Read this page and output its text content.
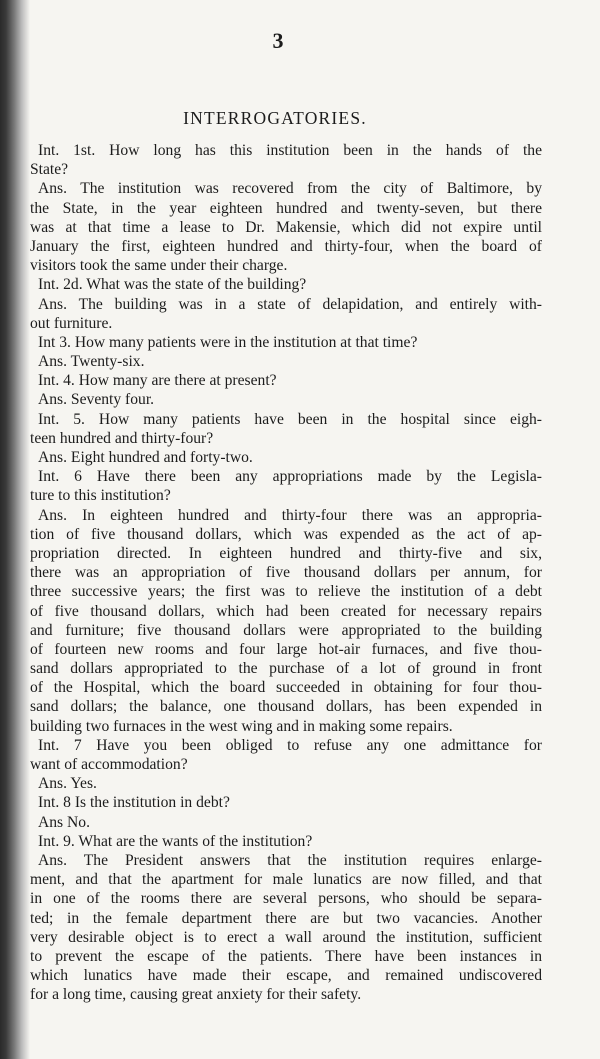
3
INTERROGATORIES.
Int. 1st. How long has this institution been in the hands of the
State?
Ans. The institution was recovered from the city of Baltimore, by
the State, in the year eighteen hundred and twenty-seven, but there
was at that time a lease to Dr. Makensie, which did not expire until
January the first, eighteen hundred and thirty-four, when the board of
visitors took the same under their charge.
Int. 2d. What was the state of the building?
Ans. The building was in a state of delapidation, and entirely with-
out furniture.
Int 3. How many patients were in the institution at that time?
Ans. Twenty-six.
Int. 4. How many are there at present?
Ans. Seventy four.
Int. 5. How many patients have been in the hospital since eigh-
teen hundred and thirty-four?
Ans. Eight hundred and forty-two.
Int. 6 Have there been any appropriations made by the Legisla-
ture to this institution?
Ans. In eighteen hundred and thirty-four there was an appropria-
tion of five thousand dollars, which was expended as the act of ap-
propriation directed. In eighteen hundred and thirty-five and six,
there was an appropriation of five thousand dollars per annum, for
three successive years; the first was to relieve the institution of a debt
of five thousand dollars, which had been created for necessary repairs
and furniture; five thousand dollars were appropriated to the building
of fourteen new rooms and four large hot-air furnaces, and five thou-
sand dollars appropriated to the purchase of a lot of ground in front
of the Hospital, which the board succeeded in obtaining for four thou-
sand dollars; the balance, one thousand dollars, has been expended in
building two furnaces in the west wing and in making some repairs.
Int. 7 Have you been obliged to refuse any one admittance for
want of accommodation?
Ans. Yes.
Int. 8 Is the institution in debt?
Ans No.
Int. 9. What are the wants of the institution?
Ans. The President answers that the institution requires enlarge-
ment, and that the apartment for male lunatics are now filled, and that
in one of the rooms there are several persons, who should be separa-
ted; in the female department there are but two vacancies. Another
very desirable object is to erect a wall around the institution, sufficient
to prevent the escape of the patients. There have been instances in
which lunatics have made their escape, and remained undiscovered
for a long time, causing great anxiety for their safety.
